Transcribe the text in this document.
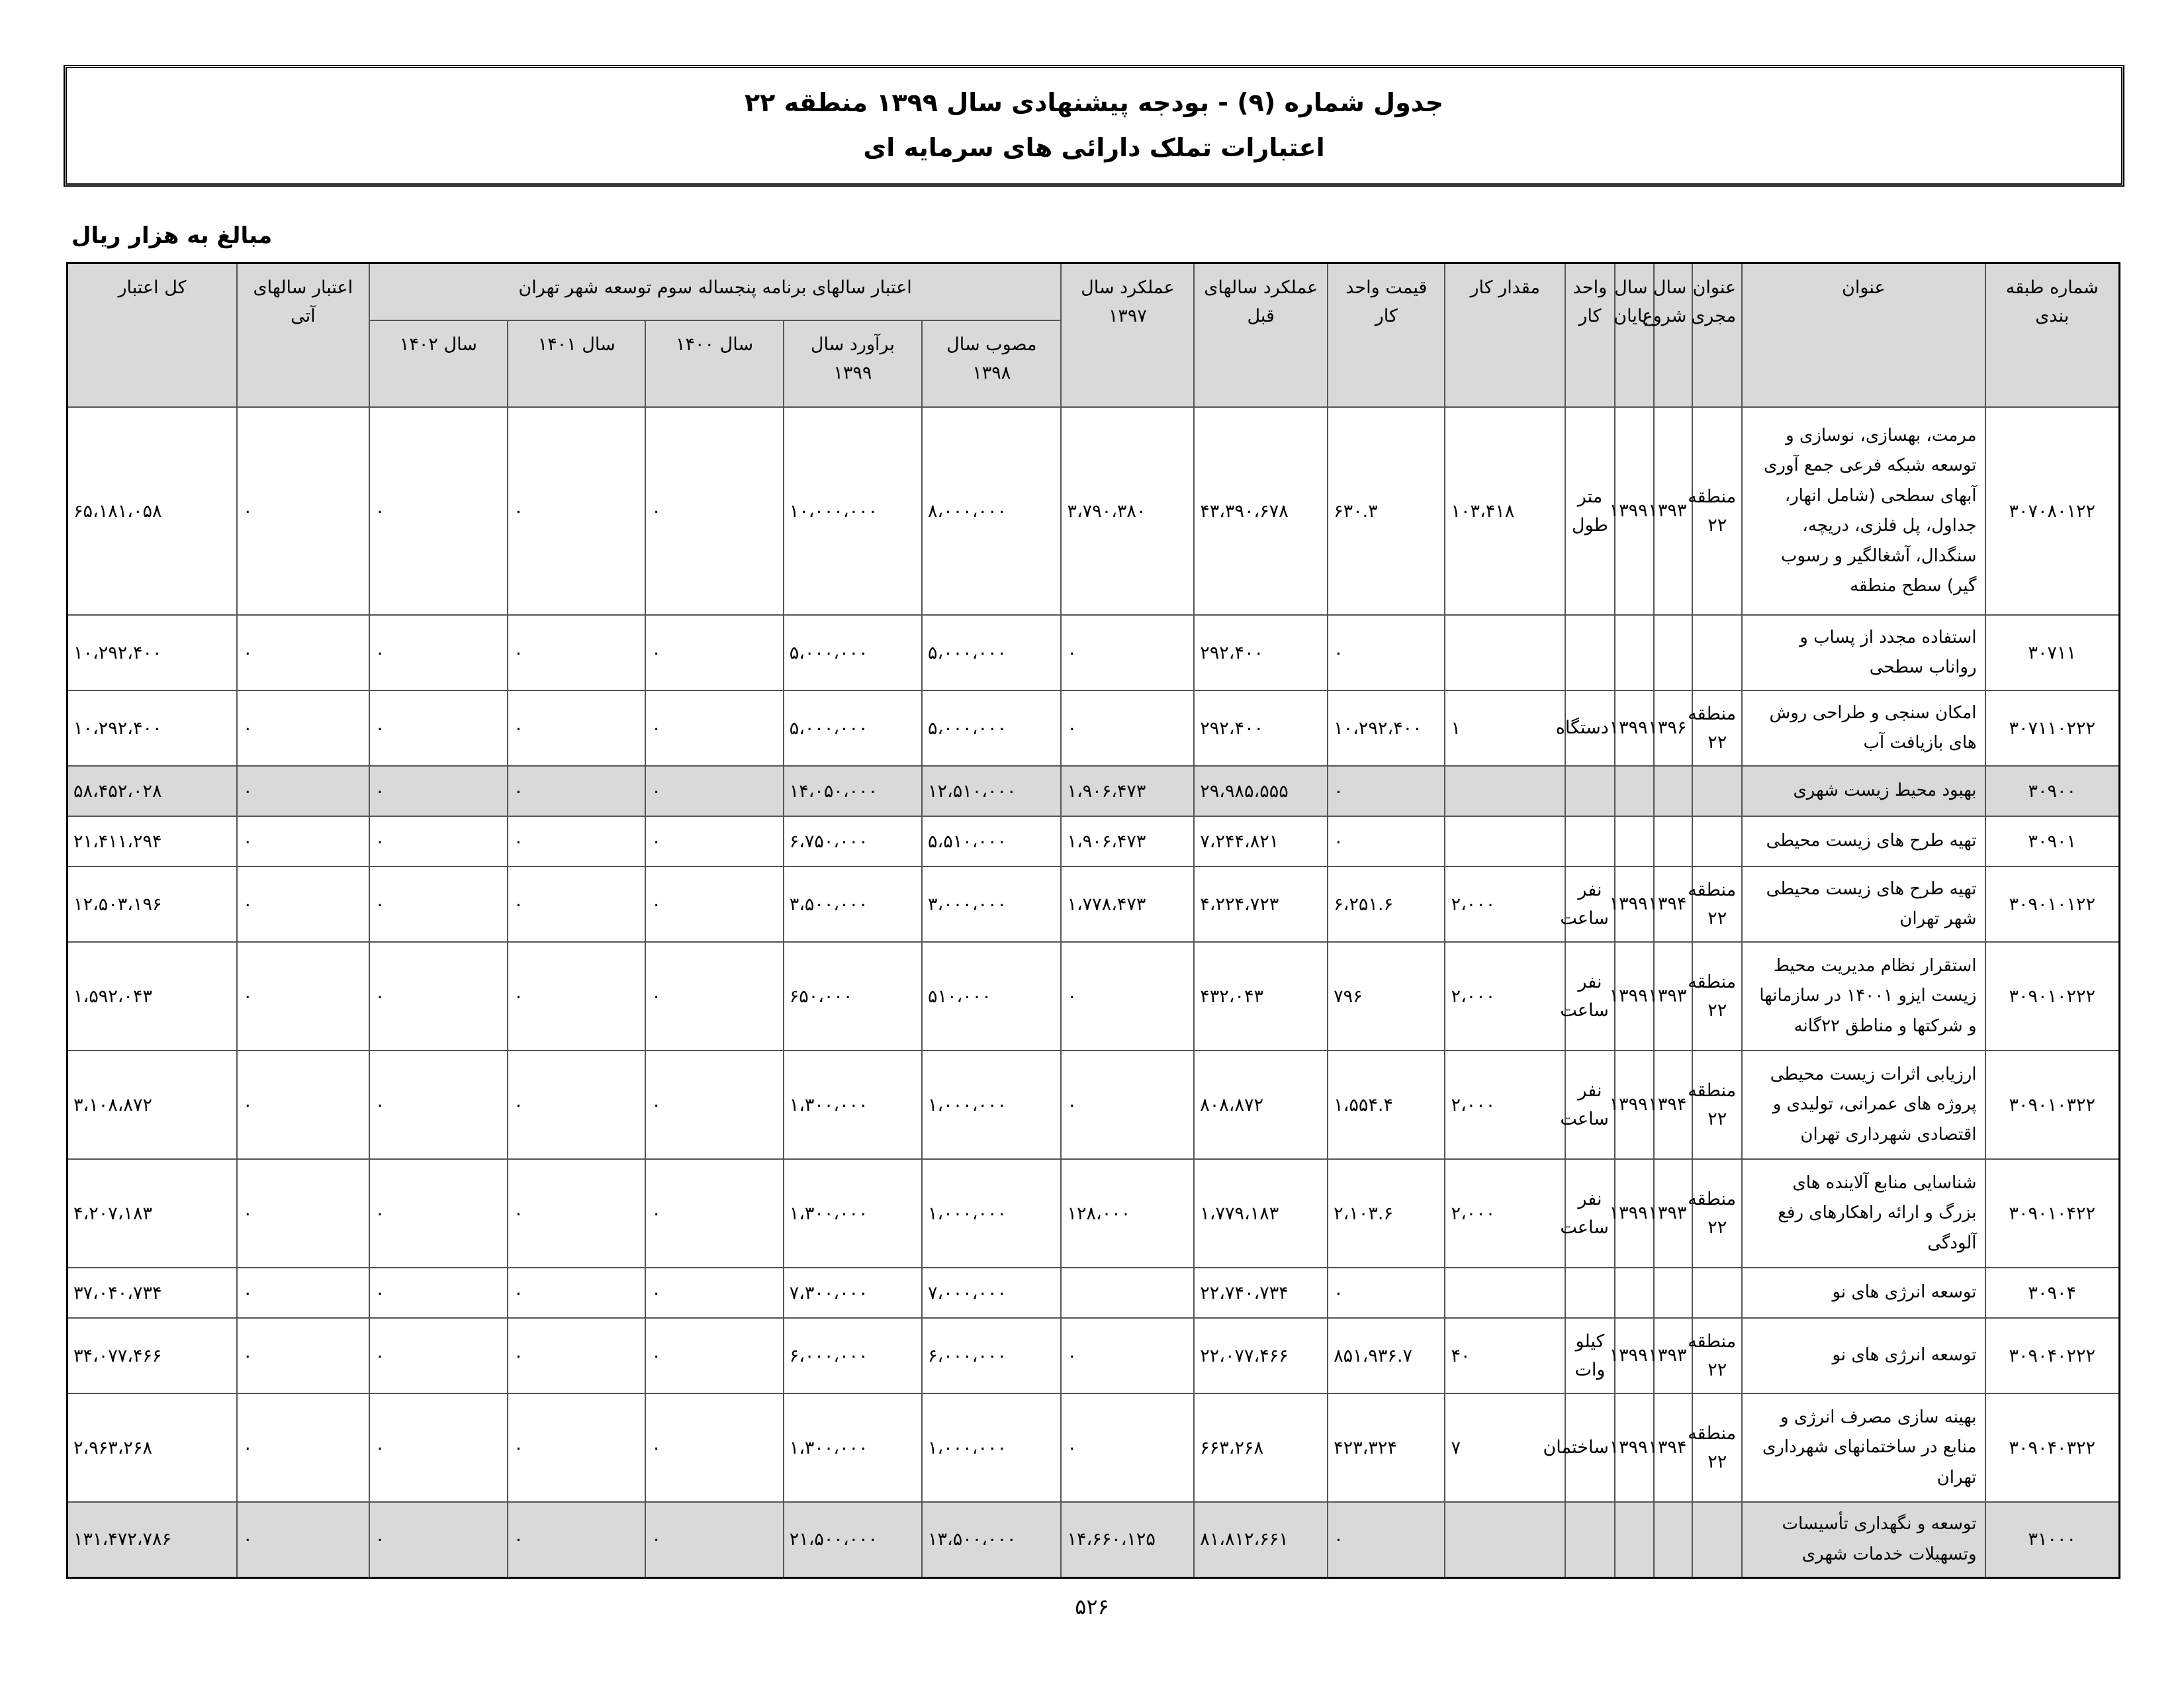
جدول شماره (۹) - بودجه پیشنهادی سال ۱۳۹۹ منطقه ۲۲
اعتبارات تملک دارائی های سرمایه ای
مبالغ به هزار ریال
شماره طبقه بندی	عنوان	عنوان مجری	سال شروع	سال پایان	واحد کار	مقدار کار	قیمت واحد کار	عملکرد سالهای قبل	عملکرد سال ۱۳۹۷	اعتبار سالهای برنامه پنجساله سوم توسعه شهر تهران					اعتبار سالهای آتی	کل اعتبار
										مصوب سال ۱۳۹۸	برآورد سال ۱۳۹۹	سال ۱۴۰۰	سال ۱۴۰۱	سال ۱۴۰۲		
۳۰۷۰۸۰۱۲۲	مرمت، بهسازی، نوسازی و توسعه شبکه فرعی جمع آوری آبهای سطحی (شامل انهار، جداول، پل فلزی، دریچه، سنگدال، آشغالگیر و رسوب گیر) سطح منطقه	منطقه ۲۲	۱۳۹۳	۱۳۹۹	متر طول	۱۰۳،۴۱۸	۶۳۰.۳	۴۳،۳۹۰،۶۷۸	۳،۷۹۰،۳۸۰	۸،۰۰۰،۰۰۰	۱۰،۰۰۰،۰۰۰	۰	۰	۰	۰	۶۵،۱۸۱،۰۵۸
۳۰۷۱۱	استفاده مجدد از پساب و رواناب سطحی						۰	۲۹۲،۴۰۰	۰	۵،۰۰۰،۰۰۰	۵،۰۰۰،۰۰۰	۰	۰	۰	۰	۱۰،۲۹۲،۴۰۰
۳۰۷۱۱۰۲۲۲	امکان سنجی و طراحی روش های بازیافت آب	منطقه ۲۲	۱۳۹۶	۱۳۹۹	دستگاه	۱	۱۰،۲۹۲،۴۰۰	۲۹۲،۴۰۰	۰	۵،۰۰۰،۰۰۰	۵،۰۰۰،۰۰۰	۰	۰	۰	۰	۱۰،۲۹۲،۴۰۰
۳۰۹۰۰	بهبود محیط زیست شهری						۰	۲۹،۹۸۵،۵۵۵	۱،۹۰۶،۴۷۳	۱۲،۵۱۰،۰۰۰	۱۴،۰۵۰،۰۰۰	۰	۰	۰	۰	۵۸،۴۵۲،۰۲۸
۳۰۹۰۱	تهیه طرح های زیست محیطی						۰	۷،۲۴۴،۸۲۱	۱،۹۰۶،۴۷۳	۵،۵۱۰،۰۰۰	۶،۷۵۰،۰۰۰	۰	۰	۰	۰	۲۱،۴۱۱،۲۹۴
۳۰۹۰۱۰۱۲۲	تهیه طرح های زیست محیطی شهر تهران	منطقه ۲۲	۱۳۹۴	۱۳۹۹	نفر ساعت	۲،۰۰۰	۶،۲۵۱.۶	۴،۲۲۴،۷۲۳	۱،۷۷۸،۴۷۳	۳،۰۰۰،۰۰۰	۳،۵۰۰،۰۰۰	۰	۰	۰	۰	۱۲،۵۰۳،۱۹۶
۳۰۹۰۱۰۲۲۲	استقرار نظام مدیریت محیط زیست ایزو ۱۴۰۰۱ در سازمانها و شرکتها و مناطق ۲۲گانه	منطقه ۲۲	۱۳۹۳	۱۳۹۹	نفر ساعت	۲،۰۰۰	۷۹۶	۴۳۲،۰۴۳	۰	۵۱۰،۰۰۰	۶۵۰،۰۰۰	۰	۰	۰	۰	۱،۵۹۲،۰۴۳
۳۰۹۰۱۰۳۲۲	ارزیابی اثرات زیست محیطی پروژه های عمرانی، تولیدی و اقتصادی شهرداری تهران	منطقه ۲۲	۱۳۹۴	۱۳۹۹	نفر ساعت	۲،۰۰۰	۱،۵۵۴.۴	۸۰۸،۸۷۲	۰	۱،۰۰۰،۰۰۰	۱،۳۰۰،۰۰۰	۰	۰	۰	۰	۳،۱۰۸،۸۷۲
۳۰۹۰۱۰۴۲۲	شناسایی منابع آلاینده های بزرگ و ارائه راهکارهای رفع آلودگی	منطقه ۲۲	۱۳۹۳	۱۳۹۹	نفر ساعت	۲،۰۰۰	۲،۱۰۳.۶	۱،۷۷۹،۱۸۳	۱۲۸،۰۰۰	۱،۰۰۰،۰۰۰	۱،۳۰۰،۰۰۰	۰	۰	۰	۰	۴،۲۰۷،۱۸۳
۳۰۹۰۴	توسعه انرژی های نو						۰	۲۲،۷۴۰،۷۳۴		۷،۰۰۰،۰۰۰	۷،۳۰۰،۰۰۰	۰	۰	۰	۰	۳۷،۰۴۰،۷۳۴
۳۰۹۰۴۰۲۲۲	توسعه انرژی های نو	منطقه ۲۲	۱۳۹۳	۱۳۹۹	کیلو وات	۴۰	۸۵۱،۹۳۶.۷	۲۲،۰۷۷،۴۶۶	۰	۶،۰۰۰،۰۰۰	۶،۰۰۰،۰۰۰	۰	۰	۰	۰	۳۴،۰۷۷،۴۶۶
۳۰۹۰۴۰۳۲۲	بهینه سازی مصرف انرژی و منابع در ساختمانهای شهرداری تهران	منطقه ۲۲	۱۳۹۴	۱۳۹۹	ساختمان	۷	۴۲۳،۳۲۴	۶۶۳،۲۶۸	۰	۱،۰۰۰،۰۰۰	۱،۳۰۰،۰۰۰	۰	۰	۰	۰	۲،۹۶۳،۲۶۸
۳۱۰۰۰	توسعه و نگهداری تأسیسات وتسهیلات خدمات شهری						۰	۸۱،۸۱۲،۶۶۱	۱۴،۶۶۰،۱۲۵	۱۳،۵۰۰،۰۰۰	۲۱،۵۰۰،۰۰۰	۰	۰	۰	۰	۱۳۱،۴۷۲،۷۸۶
۵۲۶
